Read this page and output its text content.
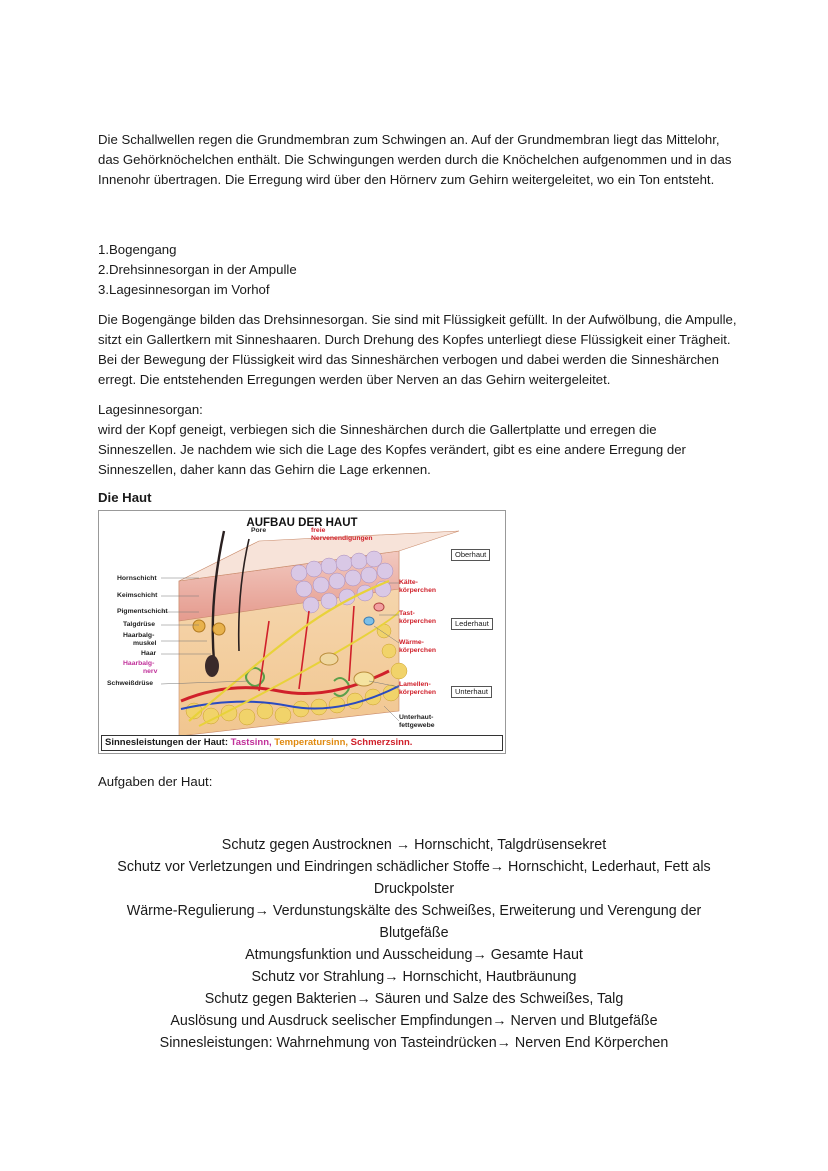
Die Schallwellen regen die Grundmembran zum Schwingen an. Auf der Grundmembran liegt das Mittelohr, das Gehörknöchelchen enthält. Die Schwingungen werden durch die Knöchelchen aufgenommen und in das Innenohr übertragen. Die Erregung wird über den Hörnerv zum Gehirn weitergeleitet, wo ein Ton entsteht.

1.Bogengang
2.Drehsinnesorgan in der Ampulle
3.Lagesinnesorgan im Vorhof

Die Bogengänge bilden das Drehsinnesorgan. Sie sind mit Flüssigkeit gefüllt. In der Aufwölbung, die Ampulle, sitzt ein Gallertkern mit Sinneshaaren. Durch Drehung des Kopfes unterliegt diese Flüssigkeit einer Trägheit. Bei der Bewegung der Flüssigkeit wird das Sinneshärchen verbogen und dabei werden die Sinneshärchen erregt. Die entstehenden Erregungen werden über Nerven an das Gehirn weitergeleitet.

Lagesinnesorgan:

wird der Kopf geneigt, verbiegen sich die Sinneshärchen durch die Gallertplatte und erregen die Sinneszellen. Je nachdem wie sich die Lage des Kopfes verändert, gibt es eine andere Erregung der Sinneszellen, daher kann das Gehirn die Lage erkennen.

Die Haut
AUFBAU DER HAUT
Pore	freie
Nervenendigungen
Hornschicht
Keimschicht
Pigmentschicht
Talgdrüse
Haarbalg-
muskel
Haar
Haarbalg-
nerv
Schweißdrüse
Kälte-
körperchen
Tast-
körperchen
Wärme-
körperchen
Lamellen-
körperchen
Unterhaut-
fettgewebe
Oberhaut
Lederhaut
Unterhaut
Sinnesleistungen der Haut: Tastsinn, Temperatursinn, Schmerzsinn.
Aufgaben der Haut:
Schutz gegen Austrocknen → Hornschicht, Talgdrüsensekret
Schutz vor Verletzungen und Eindringen schädlicher Stoffe→ Hornschicht, Lederhaut, Fett als Druckpolster
Wärme-Regulierung→ Verdunstungskälte des Schweißes, Erweiterung und Verengung der Blutgefäße
Atmungsfunktion und Ausscheidung→ Gesamte Haut
Schutz vor Strahlung→ Hornschicht, Hautbräunung
Schutz gegen Bakterien→ Säuren und Salze des Schweißes, Talg
Auslösung und Ausdruck seelischer Empfindungen→ Nerven und Blutgefäße
Sinnesleistungen: Wahrnehmung von Tasteindrücken→ Nerven End Körperchen
